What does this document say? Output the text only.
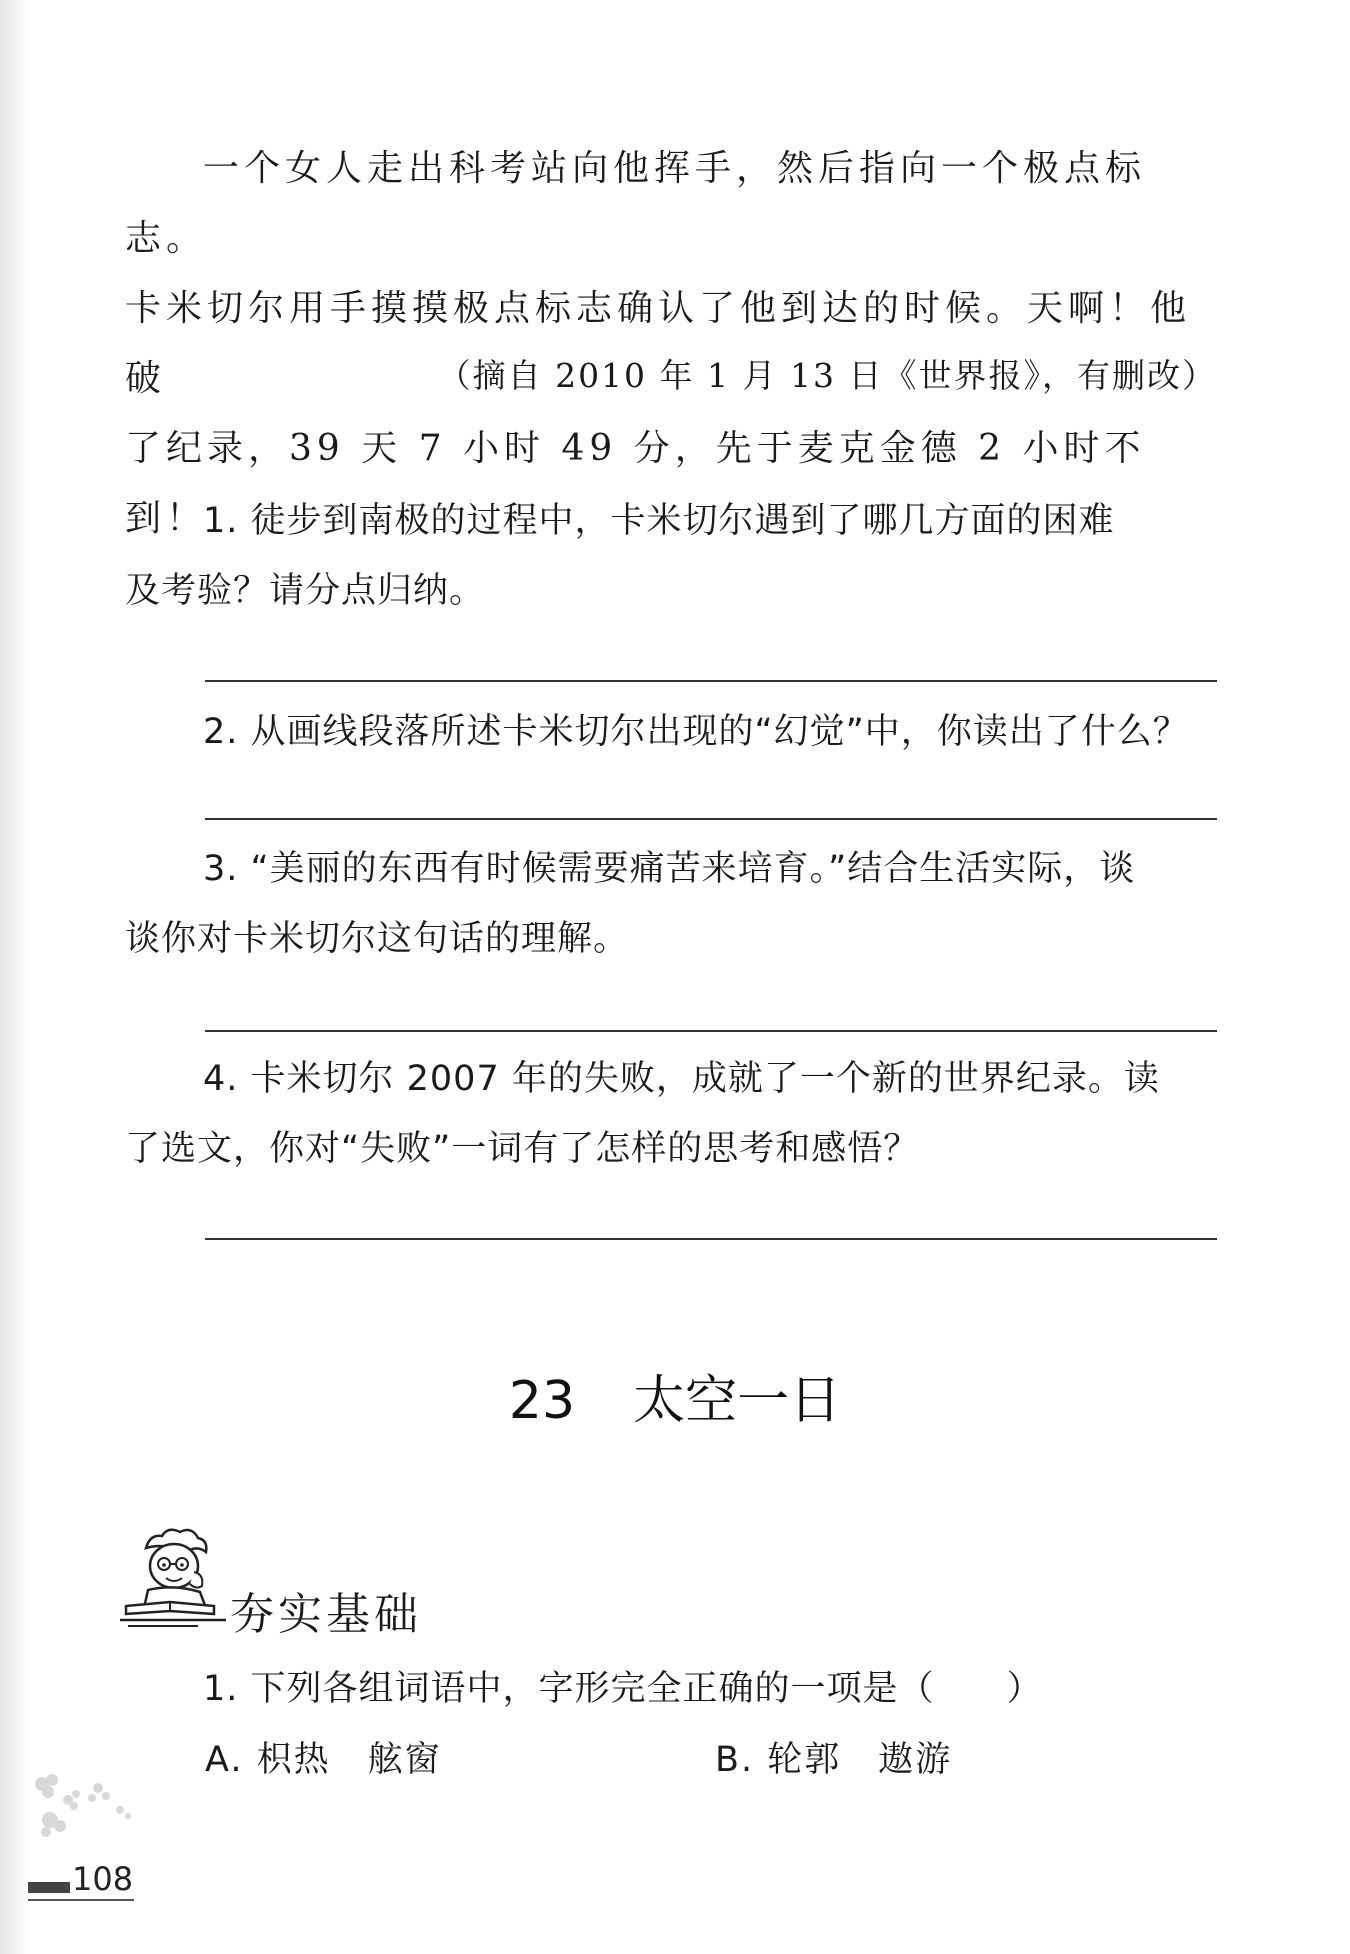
一个女人走出科考站向他挥手，然后指向一个极点标志。

卡米切尔用手摸摸极点标志确认了他到达的时候。天啊！他破

了纪录，39 天 7 小时 49 分，先于麦克金德 2 小时不到！

（摘自 2010 年 1 月 13 日《世界报》，有删改）
1. 徒步到南极的过程中，卡米切尔遇到了哪几方面的困难
及考验？请分点归纳。
2. 从画线段落所述卡米切尔出现的“幻觉”中，你读出了什么？
3. “美丽的东西有时候需要痛苦来培育。”结合生活实际，谈
谈你对卡米切尔这句话的理解。
4. 卡米切尔 2007 年的失败，成就了一个新的世界纪录。读
了选文，你对“失败”一词有了怎样的思考和感悟？
23 太空一日
夯实基础
1. 下列各组词语中，字形完全正确的一项是（　　）
A. 枳热　舷窗	B. 轮郭　遨游
108
